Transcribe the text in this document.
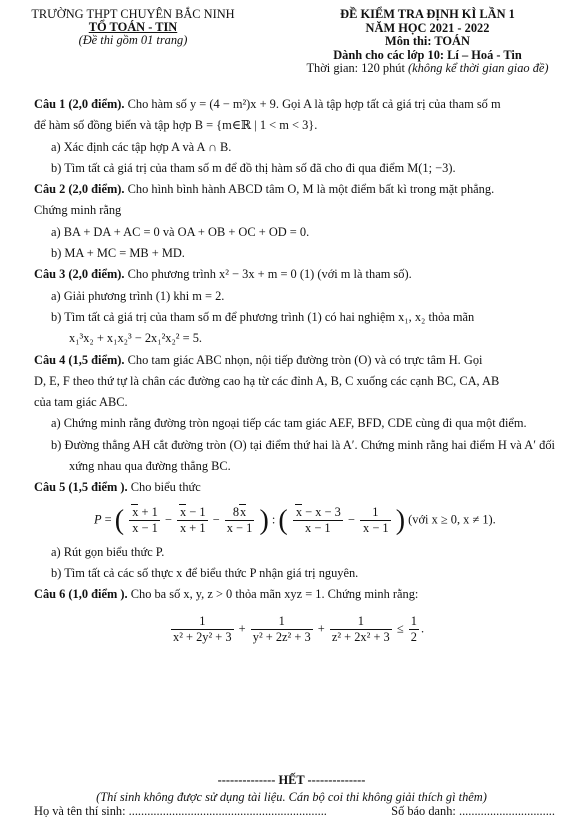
TRƯỜNG THPT CHUYÊN BẮC NINH
TỔ TOÁN - TIN
(Đề thi gồm 01 trang)
ĐỀ KIỂM TRA ĐỊNH KÌ LẦN 1
NĂM HỌC 2021 - 2022
Môn thi: TOÁN
Dành cho các lớp 10: Lí – Hoá - Tin
Thời gian: 120 phút (không kể thời gian giao đề)

Câu 1 (2,0 điểm). Cho hàm số y = (4 − m²)x + 9. Gọi A là tập hợp tất cả giá trị của tham số m

để hàm số đồng biến và tập hợp B = {m∈ℝ | 1 < m < 3}.

a) Xác định các tập hợp A và A ∩ B.

b) Tìm tất cả giá trị của tham số m để đồ thị hàm số đã cho đi qua điểm M(1; −3).

Câu 2 (2,0 điểm). Cho hình bình hành ABCD tâm O, M là một điểm bất kì trong mặt phẳng.

Chứng minh rằng

a) BA + DA + AC = 0 và OA + OB + OC + OD = 0.

b) MA + MC = MB + MD.

Câu 3 (2,0 điểm). Cho phương trình x² − 3x + m = 0 (1) (với m là tham số).

a) Giải phương trình (1) khi m = 2.

b) Tìm tất cả giá trị của tham số m để phương trình (1) có hai nghiệm x₁, x₂ thỏa mãn

x₁³x₂ + x₁x₂³ − 2x₁²x₂² = 5.

Câu 4 (1,5 điểm). Cho tam giác ABC nhọn, nội tiếp đường tròn (O) và có trực tâm H. Gọi

D, E, F theo thứ tự là chân các đường cao hạ từ các đỉnh A, B, C xuống các cạnh BC, CA, AB

của tam giác ABC.

a) Chứng minh rằng đường tròn ngoại tiếp các tam giác AEF, BFD, CDE cùng đi qua một điểm.

b) Đường thẳng AH cắt đường tròn (O) tại điểm thứ hai là A′. Chứng minh rằng hai điểm H và A′ đối xứng nhau qua đường thẳng BC.

Câu 5 (1,5 điểm ). Cho biểu thức

P = ( $\frac{x + 1}{x - 1} - \frac{x - 1}{x + 1} - \frac{8x}{x - 1}$ ) : ( $\frac{x - x - 3}{x - 1} - \frac{1}{x - 1}$ ) (với x ≥ 0, x ≠ 1).

a) Rút gọn biểu thức P.

b) Tìm tất cả các số thực x để biểu thức P nhận giá trị nguyên.

Câu 6 (1,0 điểm ). Cho ba số x, y, z > 0 thỏa mãn xyz = 1. Chứng minh rằng:

$\frac{1}{\text{x² + 2y² + 3}} + \frac{1}{\text{y² + 2z² + 3}} + \frac{1}{\text{z² + 2x² + 3}} \le \frac{1}{2}$ .
-------------- HẾT --------------
(Thí sinh không được sử dụng tài liệu. Cán bộ coi thi không giải thích gì thêm)
Họ và tên thí sinh: ................................................................	Số báo danh: ...............................
